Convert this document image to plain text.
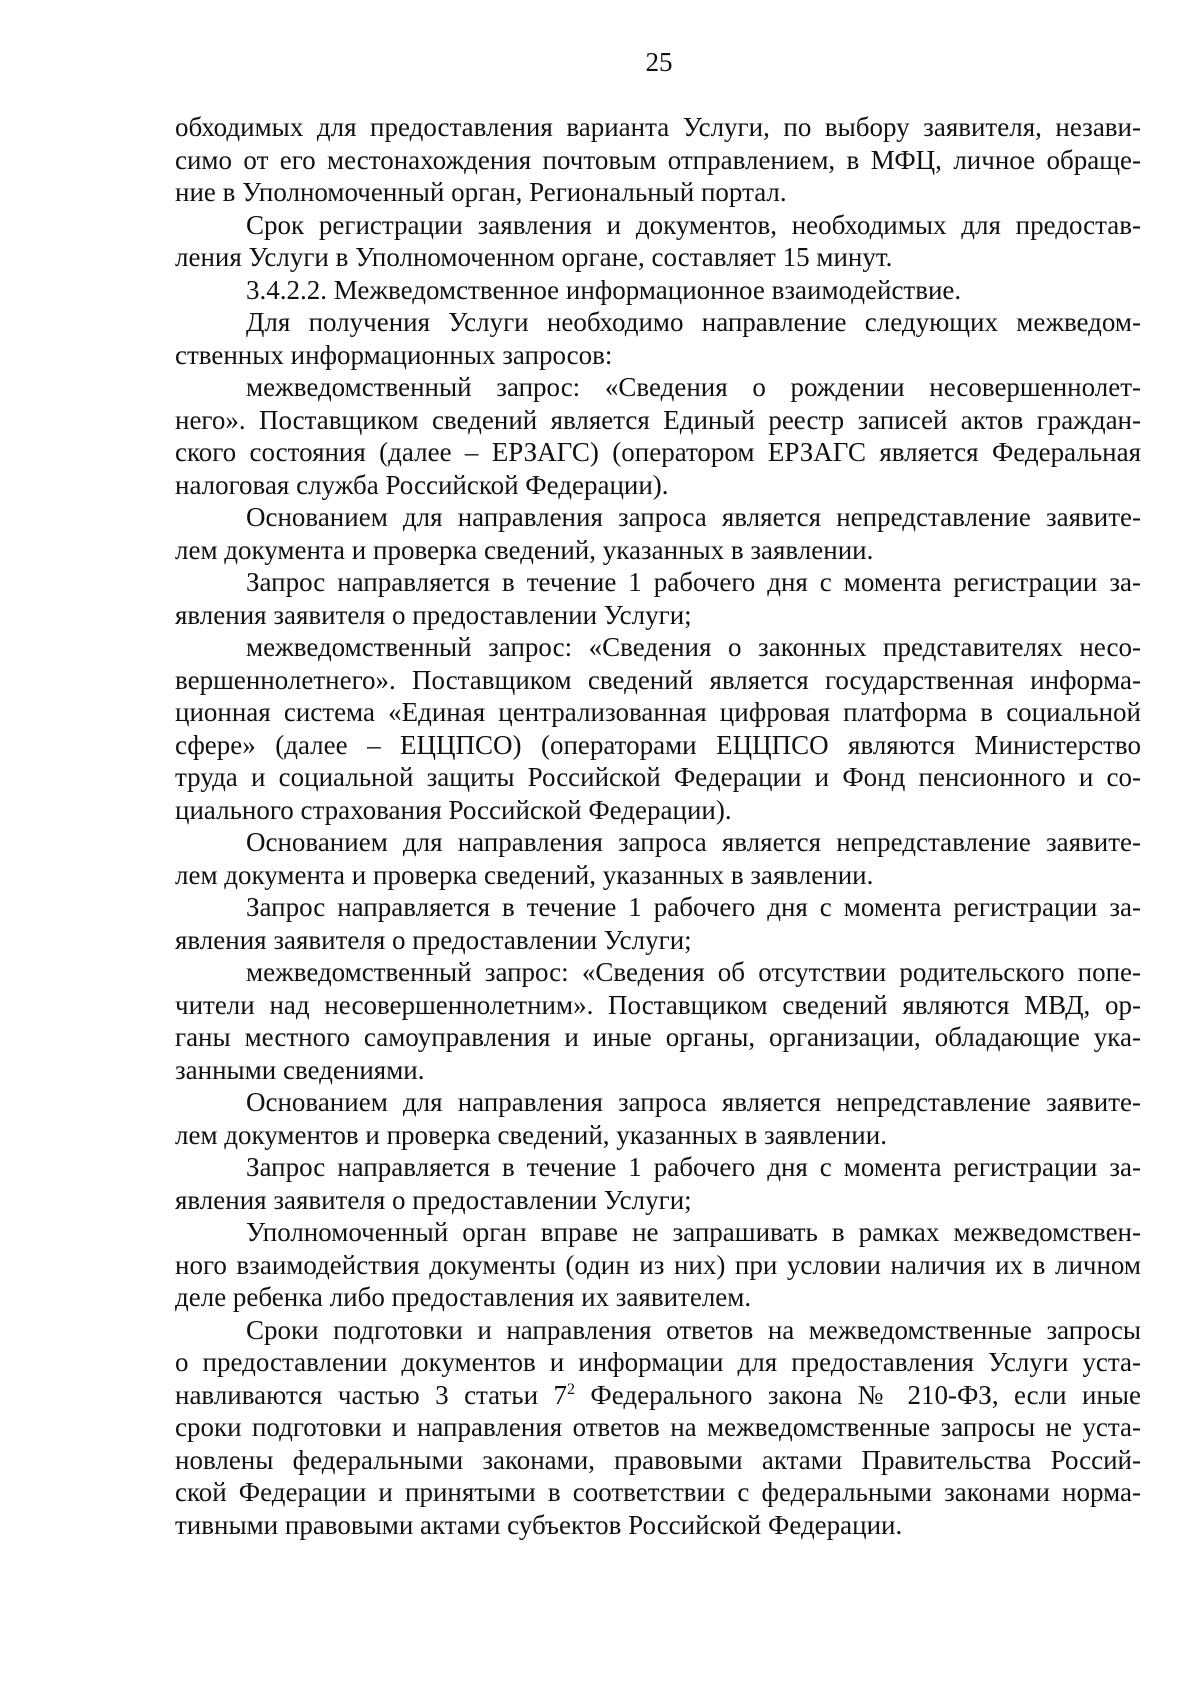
25
обходимых для предоставления варианта Услуги, по выбору заявителя, незави-
симо от его местонахождения почтовым отправлением, в МФЦ, личное обраще-
ние в Уполномоченный орган, Региональный портал.
Срок регистрации заявления и документов, необходимых для предостав-
ления Услуги в Уполномоченном органе, составляет 15 минут.
3.4.2.2. Межведомственное информационное взаимодействие.
Для получения Услуги необходимо направление следующих межведом-
ственных информационных запросов:
межведомственный запрос: «Сведения о рождении несовершеннолет-
него». Поставщиком сведений является Единый реестр записей актов граждан-
ского состояния (далее – ЕРЗАГС) (оператором ЕРЗАГС является Федеральная
налоговая служба Российской Федерации).
Основанием для направления запроса является непредставление заявите-
лем документа и проверка сведений, указанных в заявлении.
Запрос направляется в течение 1 рабочего дня с момента регистрации за-
явления заявителя о предоставлении Услуги;
межведомственный запрос: «Сведения о законных представителях несо-
вершеннолетнего». Поставщиком сведений является государственная информа-
ционная система «Единая централизованная цифровая платформа в социальной
сфере» (далее – ЕЦЦПСО) (операторами ЕЦЦПСО являются Министерство
труда и социальной защиты Российской Федерации и Фонд пенсионного и со-
циального страхования Российской Федерации).
Основанием для направления запроса является непредставление заявите-
лем документа и проверка сведений, указанных в заявлении.
Запрос направляется в течение 1 рабочего дня с момента регистрации за-
явления заявителя о предоставлении Услуги;
межведомственный запрос: «Сведения об отсутствии родительского попе-
чители над несовершеннолетним». Поставщиком сведений являются МВД, ор-
ганы местного самоуправления и иные органы, организации, обладающие ука-
занными сведениями.
Основанием для направления запроса является непредставление заявите-
лем документов и проверка сведений, указанных в заявлении.
Запрос направляется в течение 1 рабочего дня с момента регистрации за-
явления заявителя о предоставлении Услуги;
Уполномоченный орган вправе не запрашивать в рамках межведомствен-
ного взаимодействия документы (один из них) при условии наличия их в личном
деле ребенка либо предоставления их заявителем.
Сроки подготовки и направления ответов на межведомственные запросы
о предоставлении документов и информации для предоставления Услуги уста-
навливаются частью 3 статьи $7^2$ Федерального закона № 210-ФЗ, если иные
сроки подготовки и направления ответов на межведомственные запросы не уста-
новлены федеральными законами, правовыми актами Правительства Россий-
ской Федерации и принятыми в соответствии с федеральными законами норма-
тивными правовыми актами субъектов Российской Федерации.
